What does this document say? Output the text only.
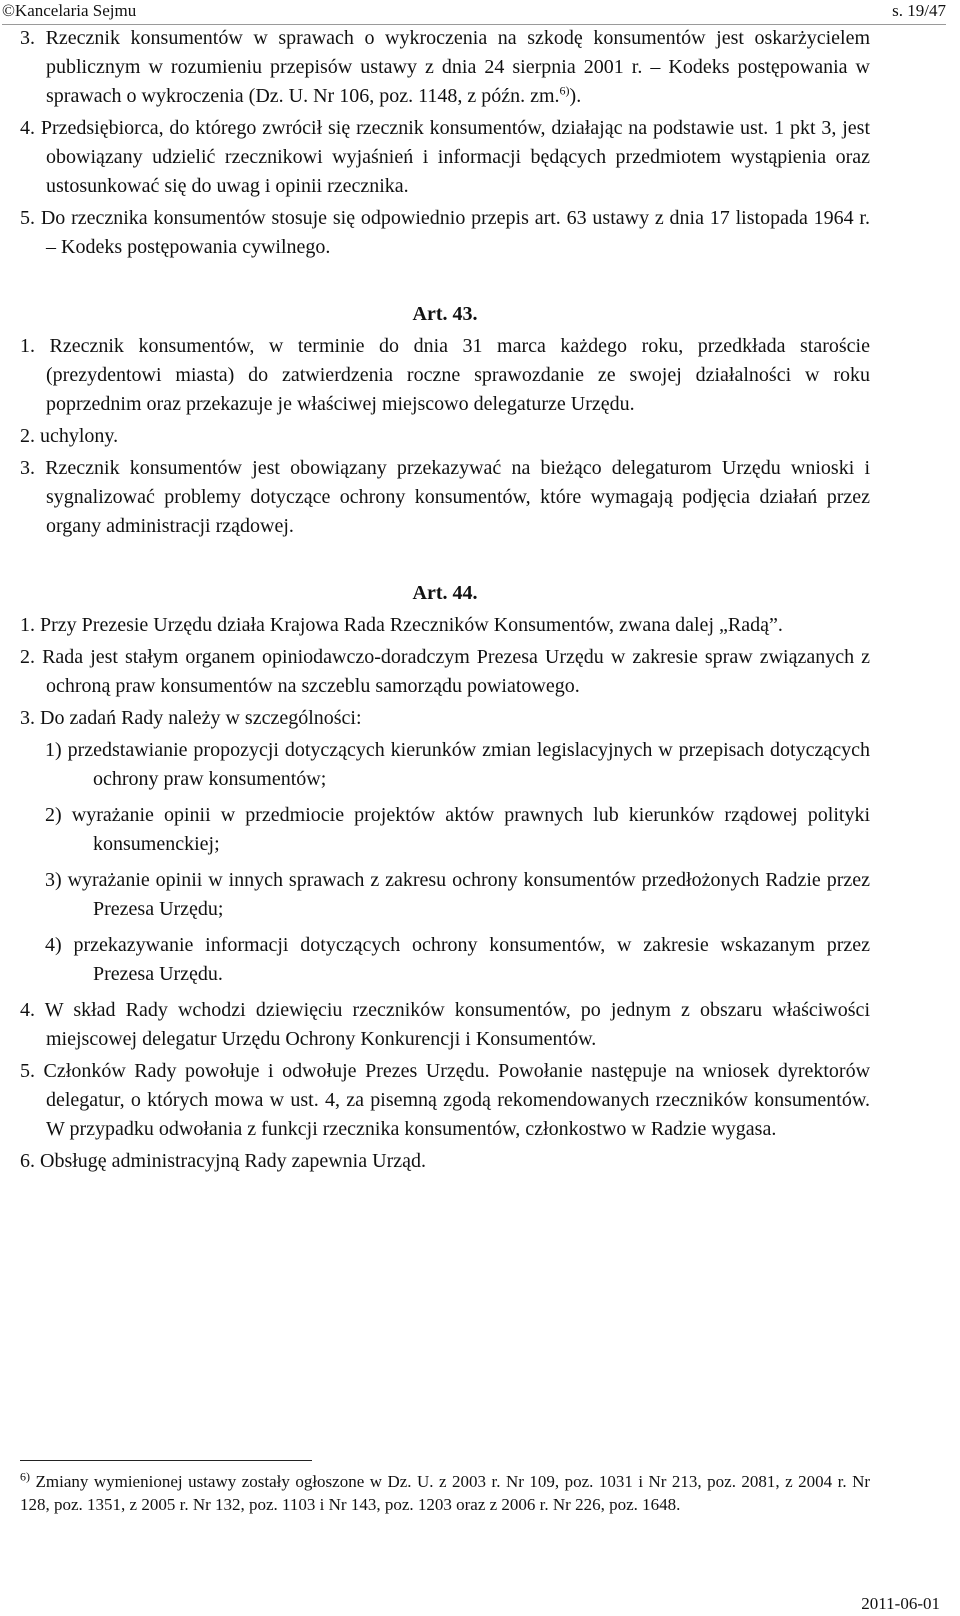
©Kancelaria Sejmu	s. 19/47
3. Rzecznik konsumentów w sprawach o wykroczenia na szkodę konsumentów jest oskarżycielem publicznym w rozumieniu przepisów ustawy z dnia 24 sierpnia 2001 r. – Kodeks postępowania w sprawach o wykroczenia (Dz. U. Nr 106, poz. 1148, z późn. zm.$^{6)}$).
4. Przedsiębiorca, do którego zwrócił się rzecznik konsumentów, działając na podstawie ust. 1 pkt 3, jest obowiązany udzielić rzecznikowi wyjaśnień i informacji będących przedmiotem wystąpienia oraz ustosunkować się do uwag i opinii rzecznika.
5. Do rzecznika konsumentów stosuje się odpowiednio przepis art. 63 ustawy z dnia 17 listopada 1964 r. – Kodeks postępowania cywilnego.
Art. 43.
1. Rzecznik konsumentów, w terminie do dnia 31 marca każdego roku, przedkłada staroście (prezydentowi miasta) do zatwierdzenia roczne sprawozdanie ze swojej działalności w roku poprzednim oraz przekazuje je właściwej miejscowo delegaturze Urzędu.
2. uchylony.
3. Rzecznik konsumentów jest obowiązany przekazywać na bieżąco delegaturom Urzędu wnioski i sygnalizować problemy dotyczące ochrony konsumentów, które wymagają podjęcia działań przez organy administracji rządowej.
Art. 44.
1. Przy Prezesie Urzędu działa Krajowa Rada Rzeczników Konsumentów, zwana dalej „Radą”.
2. Rada jest stałym organem opiniodawczo-doradczym Prezesa Urzędu w zakresie spraw związanych z ochroną praw konsumentów na szczeblu samorządu powiatowego.
3. Do zadań Rady należy w szczególności:
1) przedstawianie propozycji dotyczących kierunków zmian legislacyjnych w przepisach dotyczących ochrony praw konsumentów;
2) wyrażanie opinii w przedmiocie projektów aktów prawnych lub kierunków rządowej polityki konsumenckiej;
3) wyrażanie opinii w innych sprawach z zakresu ochrony konsumentów przedłożonych Radzie przez Prezesa Urzędu;
4) przekazywanie informacji dotyczących ochrony konsumentów, w zakresie wskazanym przez Prezesa Urzędu.
4. W skład Rady wchodzi dziewięciu rzeczników konsumentów, po jednym z obszaru właściwości miejscowej delegatur Urzędu Ochrony Konkurencji i Konsumentów.
5. Członków Rady powołuje i odwołuje Prezes Urzędu. Powołanie następuje na wniosek dyrektorów delegatur, o których mowa w ust. 4, za pisemną zgodą rekomendowanych rzeczników konsumentów. W przypadku odwołania z funkcji rzecznika konsumentów, członkostwo w Radzie wygasa.
6. Obsługę administracyjną Rady zapewnia Urząd.
$^{6)}$ Zmiany wymienionej ustawy zostały ogłoszone w Dz. U. z 2003 r. Nr 109, poz. 1031 i Nr 213, poz. 2081, z 2004 r. Nr 128, poz. 1351, z 2005 r. Nr 132, poz. 1103 i Nr 143, poz. 1203 oraz z 2006 r. Nr 226, poz. 1648.
2011-06-01
